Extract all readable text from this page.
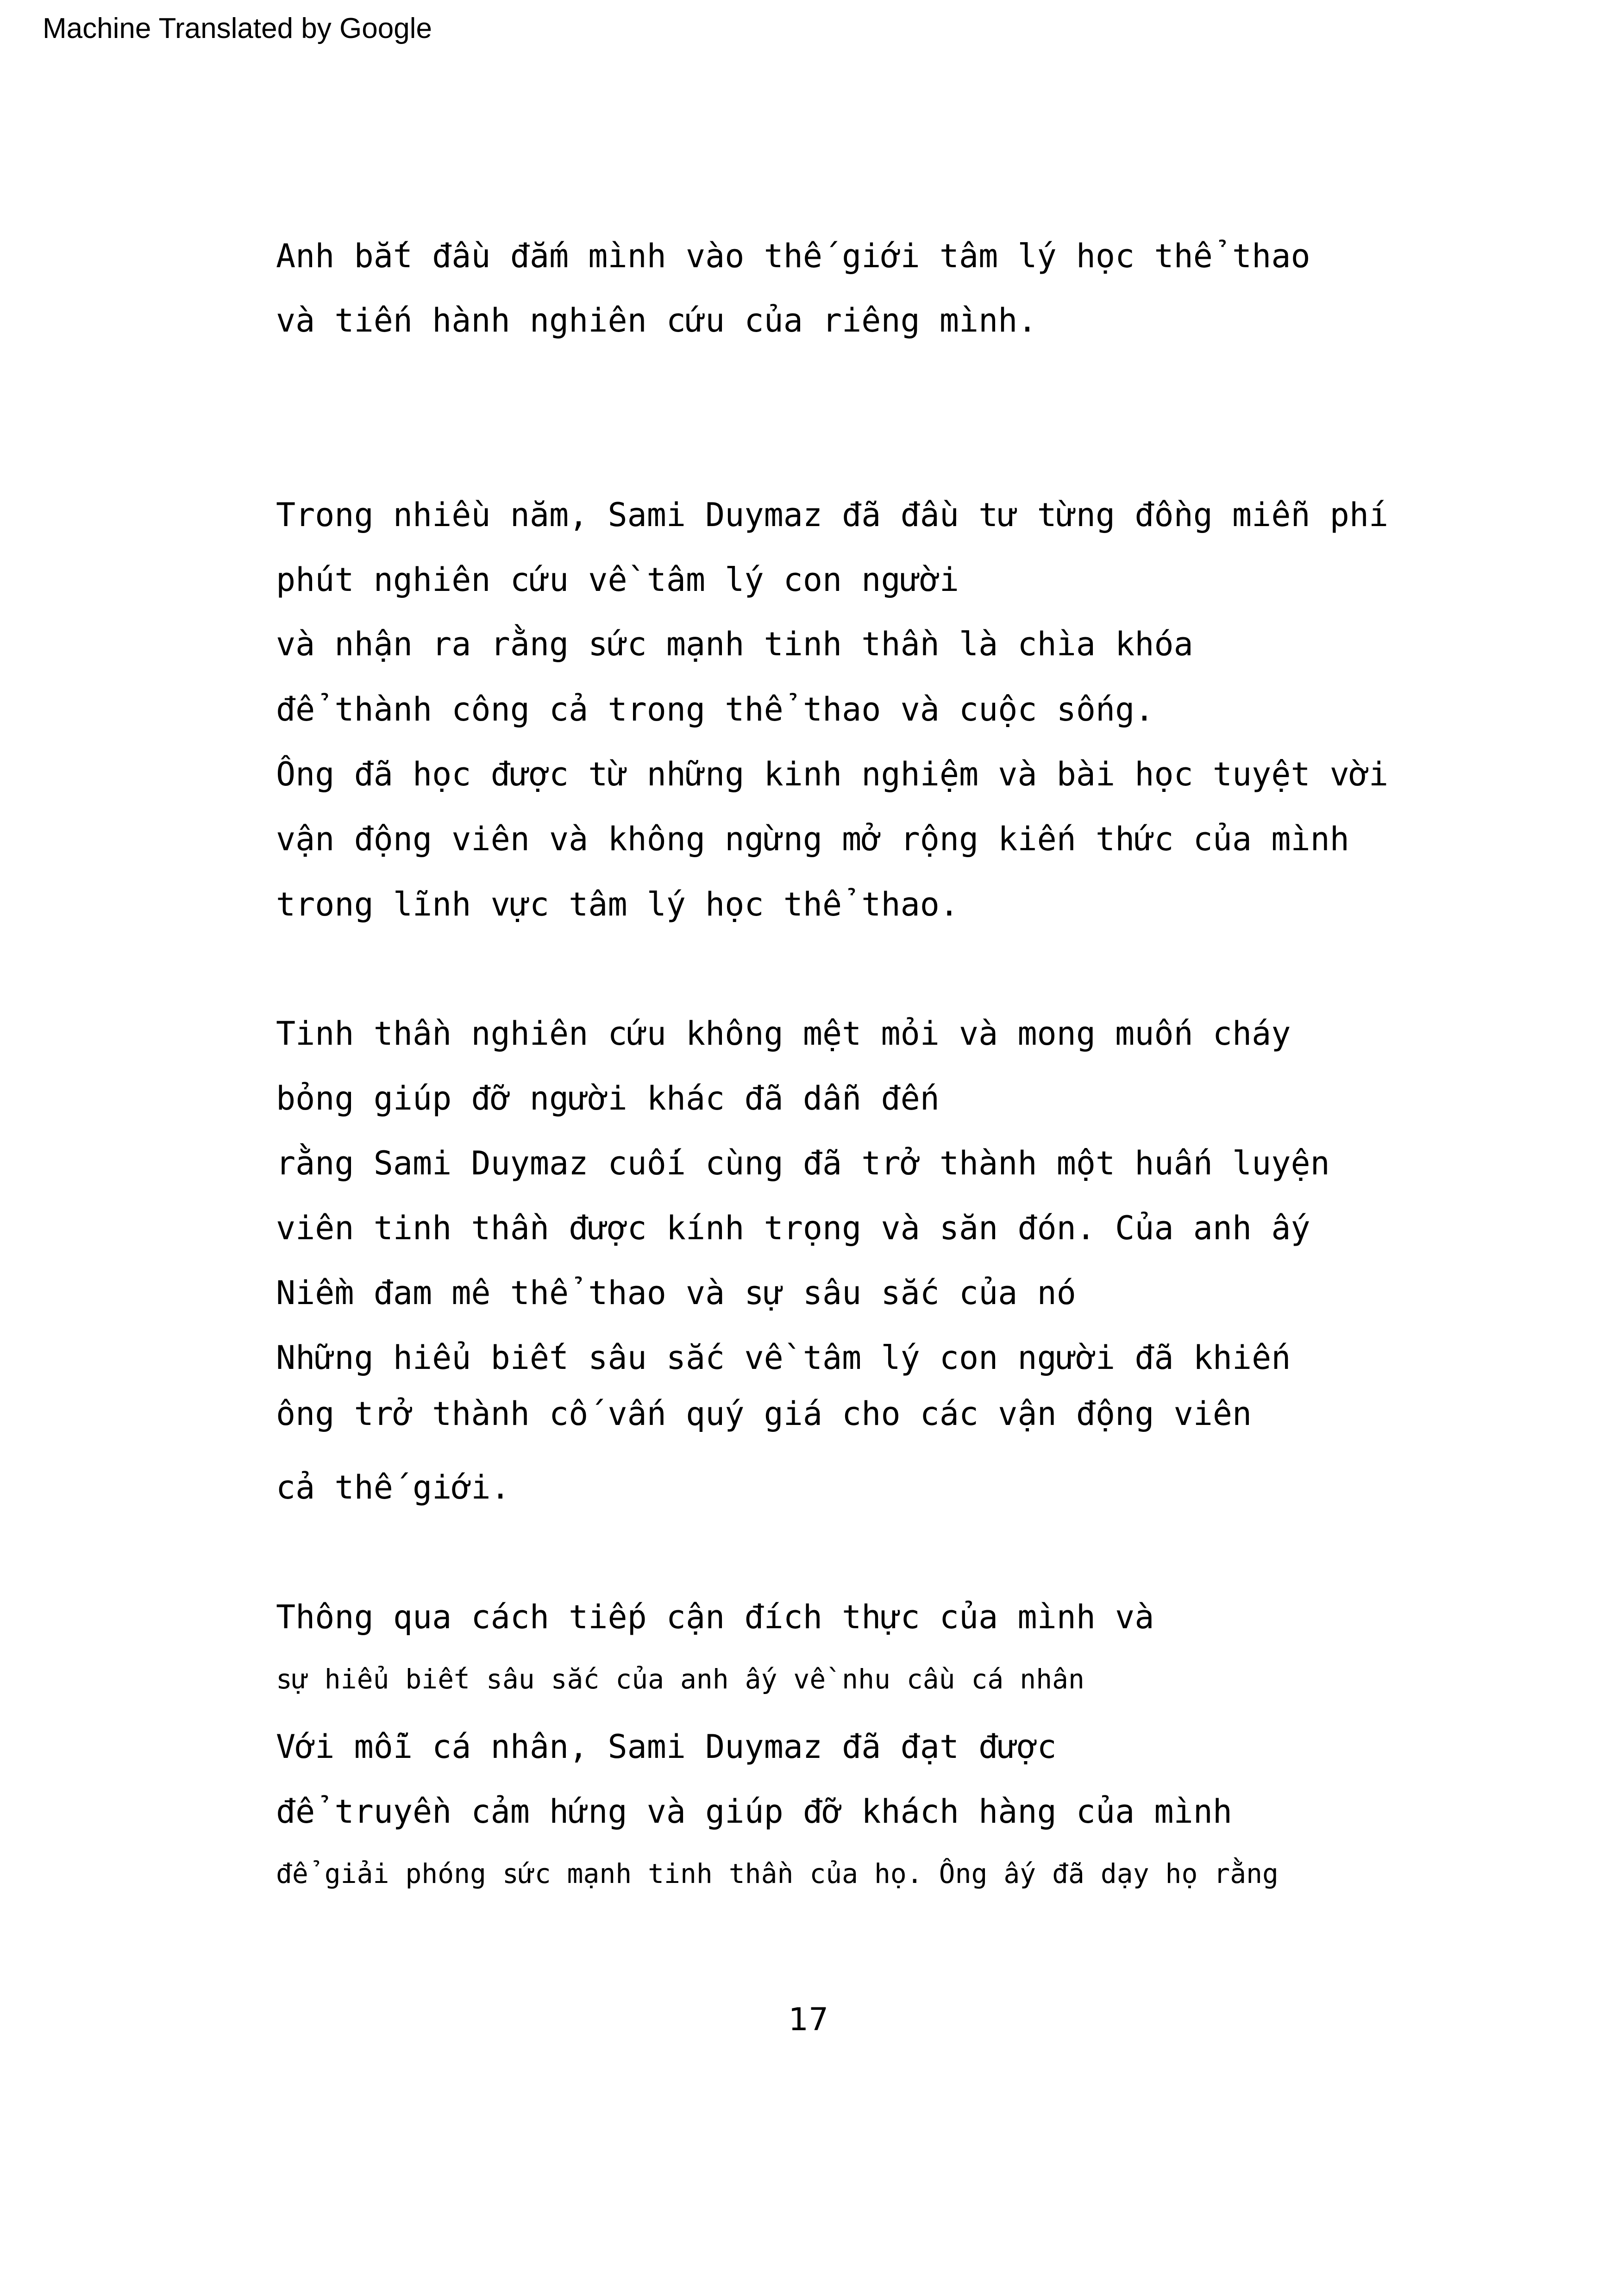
Machine Translated by Google
Anh bắt đầu đắm mình vào thế giới tâm lý học thể thao
và tiến hành nghiên cứu của riêng mình.
Trong nhiều năm, Sami Duymaz đã đầu tư từng đồng miễn phí
phút nghiên cứu về tâm lý con người
và nhận ra rằng sức mạnh tinh thần là chìa khóa
để thành công cả trong thể thao và cuộc sống.
Ông đã học được từ những kinh nghiệm và bài học tuyệt vời
vận động viên và không ngừng mở rộng kiến thức của mình
trong lĩnh vực tâm lý học thể thao.
Tinh thần nghiên cứu không mệt mỏi và mong muốn cháy
bỏng giúp đỡ người khác đã dẫn đến
rằng Sami Duymaz cuối cùng đã trở thành một huấn luyện
viên tinh thần được kính trọng và săn đón. Của anh ấy
Niềm đam mê thể thao và sự sâu sắc của nó
Những hiểu biết sâu sắc về tâm lý con người đã khiến
ông trở thành cố vấn quý giá cho các vận động viên
cả thế giới.
Thông qua cách tiếp cận đích thực của mình và
sự hiểu biết sâu sắc của anh ấy về nhu cầu cá nhân
Với mỗi cá nhân, Sami Duymaz đã đạt được
để truyền cảm hứng và giúp đỡ khách hàng của mình
để giải phóng sức mạnh tinh thần của họ. Ông ấy đã dạy họ rằng
17
